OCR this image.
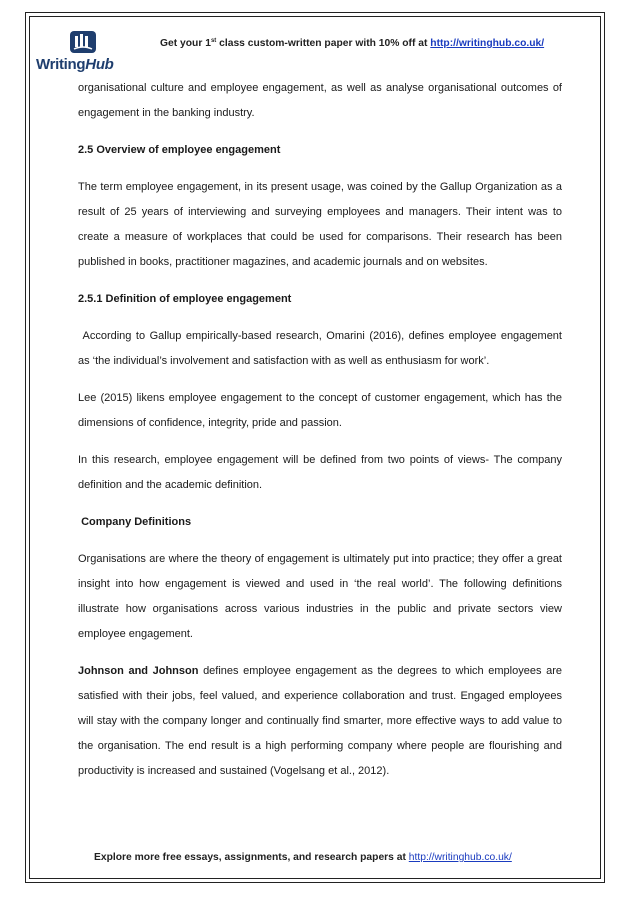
WritingHub
Get your 1st class custom-written paper with 10% off at http://writinghub.co.uk/

organisational culture and employee engagement, as well as analyse organisational outcomes of engagement in the banking industry.

2.5 Overview of employee engagement

The term employee engagement, in its present usage, was coined by the Gallup Organization as a result of 25 years of interviewing and surveying employees and managers. Their intent was to create a measure of workplaces that could be used for comparisons. Their research has been published in books, practitioner magazines, and academic journals and on websites.

2.5.1 Definition of employee engagement

According to Gallup empirically-based research, Omarini (2016), defines employee engagement as ‘the individual’s involvement and satisfaction with as well as enthusiasm for work’.

Lee (2015) likens employee engagement to the concept of customer engagement, which has the dimensions of confidence, integrity, pride and passion.

In this research, employee engagement will be defined from two points of views- The company definition and the academic definition.

Company Definitions

Organisations are where the theory of engagement is ultimately put into practice; they offer a great insight into how engagement is viewed and used in ‘the real world’. The following definitions illustrate how organisations across various industries in the public and private sectors view employee engagement.

Johnson and Johnson defines employee engagement as the degrees to which employees are satisfied with their jobs, feel valued, and experience collaboration and trust. Engaged employees will stay with the company longer and continually find smarter, more effective ways to add value to the organisation. The end result is a high performing company where people are flourishing and productivity is increased and sustained (Vogelsang et al., 2012).

Explore more free essays, assignments, and research papers at http://writinghub.co.uk/
